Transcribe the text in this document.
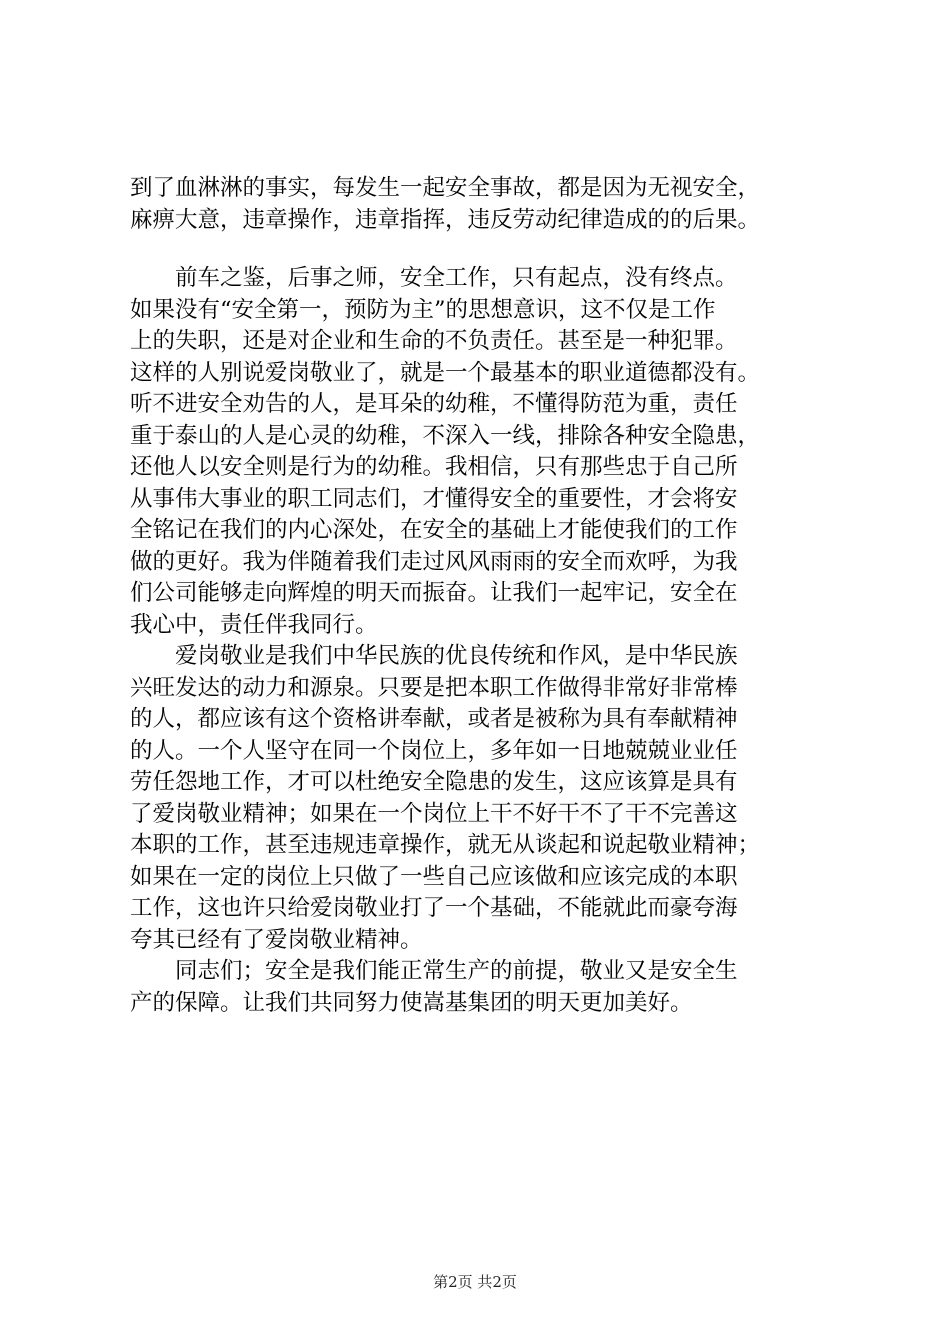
到了血淋淋的事实，每发生一起安全事故，都是因为无视安全，
麻痹大意，违章操作，违章指挥，违反劳动纪律造成的的后果。
　　前车之鉴，后事之师，安全工作，只有起点，没有终点。
如果没有“安全第一，预防为主”的思想意识，这不仅是工作
上的失职，还是对企业和生命的不负责任。甚至是一种犯罪。
这样的人别说爱岗敬业了，就是一个最基本的职业道德都没有。
听不进安全劝告的人，是耳朵的幼稚，不懂得防范为重，责任
重于泰山的人是心灵的幼稚，不深入一线，排除各种安全隐患，
还他人以安全则是行为的幼稚。我相信，只有那些忠于自己所
从事伟大事业的职工同志们，才懂得安全的重要性，才会将安
全铭记在我们的内心深处，在安全的基础上才能使我们的工作
做的更好。我为伴随着我们走过风风雨雨的安全而欢呼，为我
们公司能够走向辉煌的明天而振奋。让我们一起牢记，安全在
我心中，责任伴我同行。
　　爱岗敬业是我们中华民族的优良传统和作风，是中华民族
兴旺发达的动力和源泉。只要是把本职工作做得非常好非常棒
的人，都应该有这个资格讲奉献，或者是被称为具有奉献精神
的人。一个人坚守在同一个岗位上，多年如一日地兢兢业业任
劳任怨地工作，才可以杜绝安全隐患的发生，这应该算是具有
了爱岗敬业精神；如果在一个岗位上干不好干不了干不完善这
本职的工作，甚至违规违章操作，就无从谈起和说起敬业精神；
如果在一定的岗位上只做了一些自己应该做和应该完成的本职
工作，这也许只给爱岗敬业打了一个基础，不能就此而豪夸海
夸其已经有了爱岗敬业精神。
　　同志们；安全是我们能正常生产的前提，敬业又是安全生
产的保障。让我们共同努力使嵩基集团的明天更加美好。
第2页 共2页
